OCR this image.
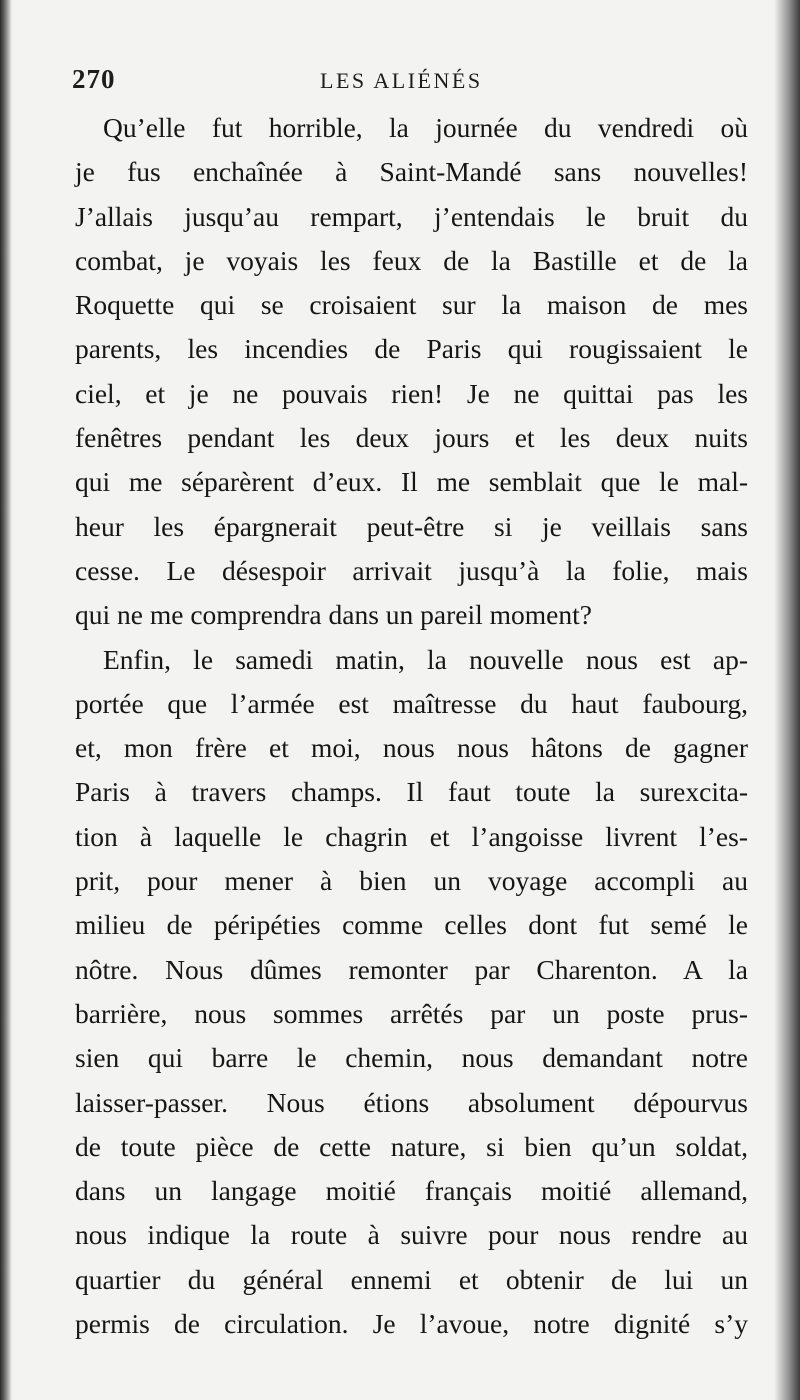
270	LES ALIÉNÉS
Qu’elle fut horrible, la journée du vendredi où
je fus enchaînée à Saint-Mandé sans nouvelles!
J’allais jusqu’au rempart, j’entendais le bruit du
combat, je voyais les feux de la Bastille et de la
Roquette qui se croisaient sur la maison de mes
parents, les incendies de Paris qui rougissaient le
ciel, et je ne pouvais rien! Je ne quittai pas les
fenêtres pendant les deux jours et les deux nuits
qui me séparèrent d’eux. Il me semblait que le mal-
heur les épargnerait peut-être si je veillais sans
cesse. Le désespoir arrivait jusqu’à la folie, mais
qui ne me comprendra dans un pareil moment?
Enfin, le samedi matin, la nouvelle nous est ap-
portée que l’armée est maîtresse du haut faubourg,
et, mon frère et moi, nous nous hâtons de gagner
Paris à travers champs. Il faut toute la surexcita-
tion à laquelle le chagrin et l’angoisse livrent l’es-
prit, pour mener à bien un voyage accompli au
milieu de péripéties comme celles dont fut semé le
nôtre. Nous dûmes remonter par Charenton. A la
barrière, nous sommes arrêtés par un poste prus-
sien qui barre le chemin, nous demandant notre
laisser-passer. Nous étions absolument dépourvus
de toute pièce de cette nature, si bien qu’un soldat,
dans un langage moitié français moitié allemand,
nous indique la route à suivre pour nous rendre au
quartier du général ennemi et obtenir de lui un
permis de circulation. Je l’avoue, notre dignité s’y
